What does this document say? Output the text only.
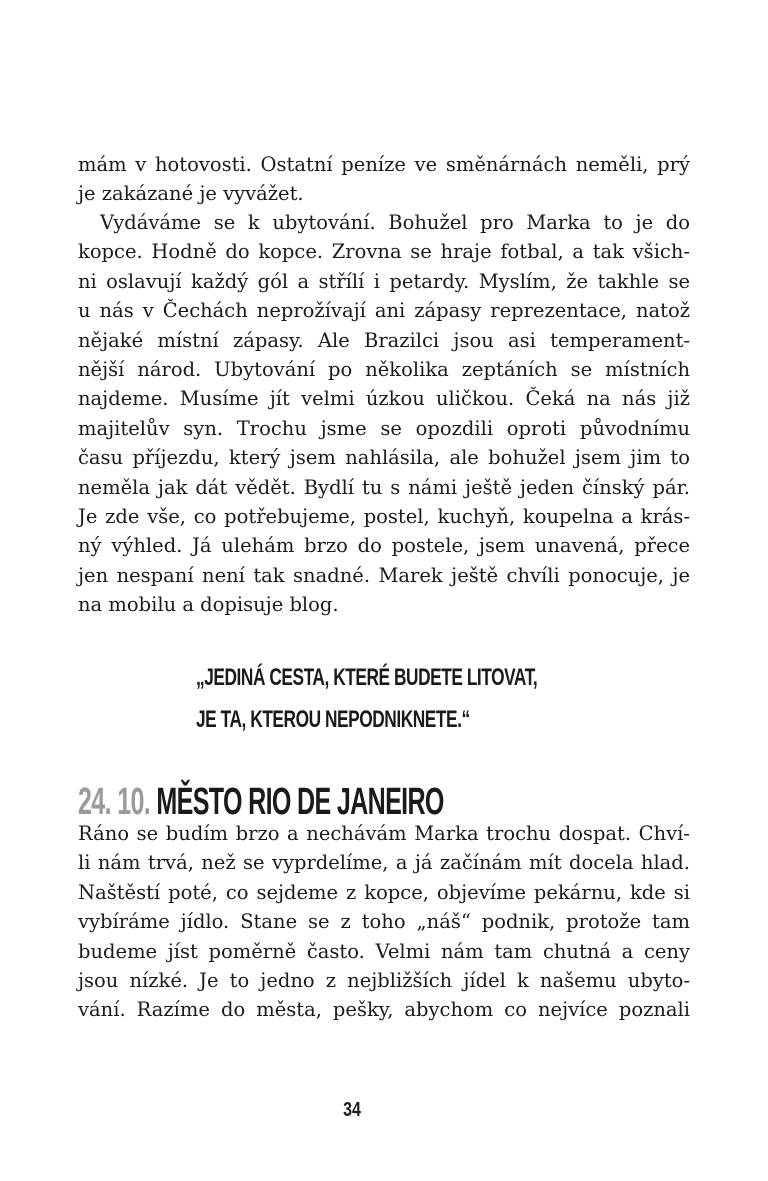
mám v hotovosti. Ostatní peníze ve směnárnách neměli, prý
je zakázané je vyvážet.
Vydáváme se k ubytování. Bohužel pro Marka to je do
kopce. Hodně do kopce. Zrovna se hraje fotbal, a tak všich-
ni oslavují každý gól a střílí i petardy. Myslím, že takhle se
u nás v Čechách neprožívají ani zápasy reprezentace, natož
nějaké místní zápasy. Ale Brazilci jsou asi temperament-
nější národ. Ubytování po několika zeptáních se místních
najdeme. Musíme jít velmi úzkou uličkou. Čeká na nás již
majitelův syn. Trochu jsme se opozdili oproti původnímu
času příjezdu, který jsem nahlásila, ale bohužel jsem jim to
neměla jak dát vědět. Bydlí tu s námi ještě jeden čínský pár.
Je zde vše, co potřebujeme, postel, kuchyň, koupelna a krás-
ný výhled. Já ulehám brzo do postele, jsem unavená, přece
jen nespaní není tak snadné. Marek ještě chvíli ponocuje, je
na mobilu a dopisuje blog.
„JEDINÁ CESTA, KTERÉ BUDETE LITOVAT,
JE TA, KTEROU NEPODNIKNETE.“
24. 10. MĚSTO RIO DE JANEIRO
Ráno se budím brzo a nechávám Marka trochu dospat. Chví-
li nám trvá, než se vyprdelíme, a já začínám mít docela hlad.
Naštěstí poté, co sejdeme z kopce, objevíme pekárnu, kde si
vybíráme jídlo. Stane se z toho „náš“ podnik, protože tam
budeme jíst poměrně často. Velmi nám tam chutná a ceny
jsou nízké. Je to jedno z nejbližších jídel k našemu ubyto-
vání. Razíme do města, pešky, abychom co nejvíce poznali
34
